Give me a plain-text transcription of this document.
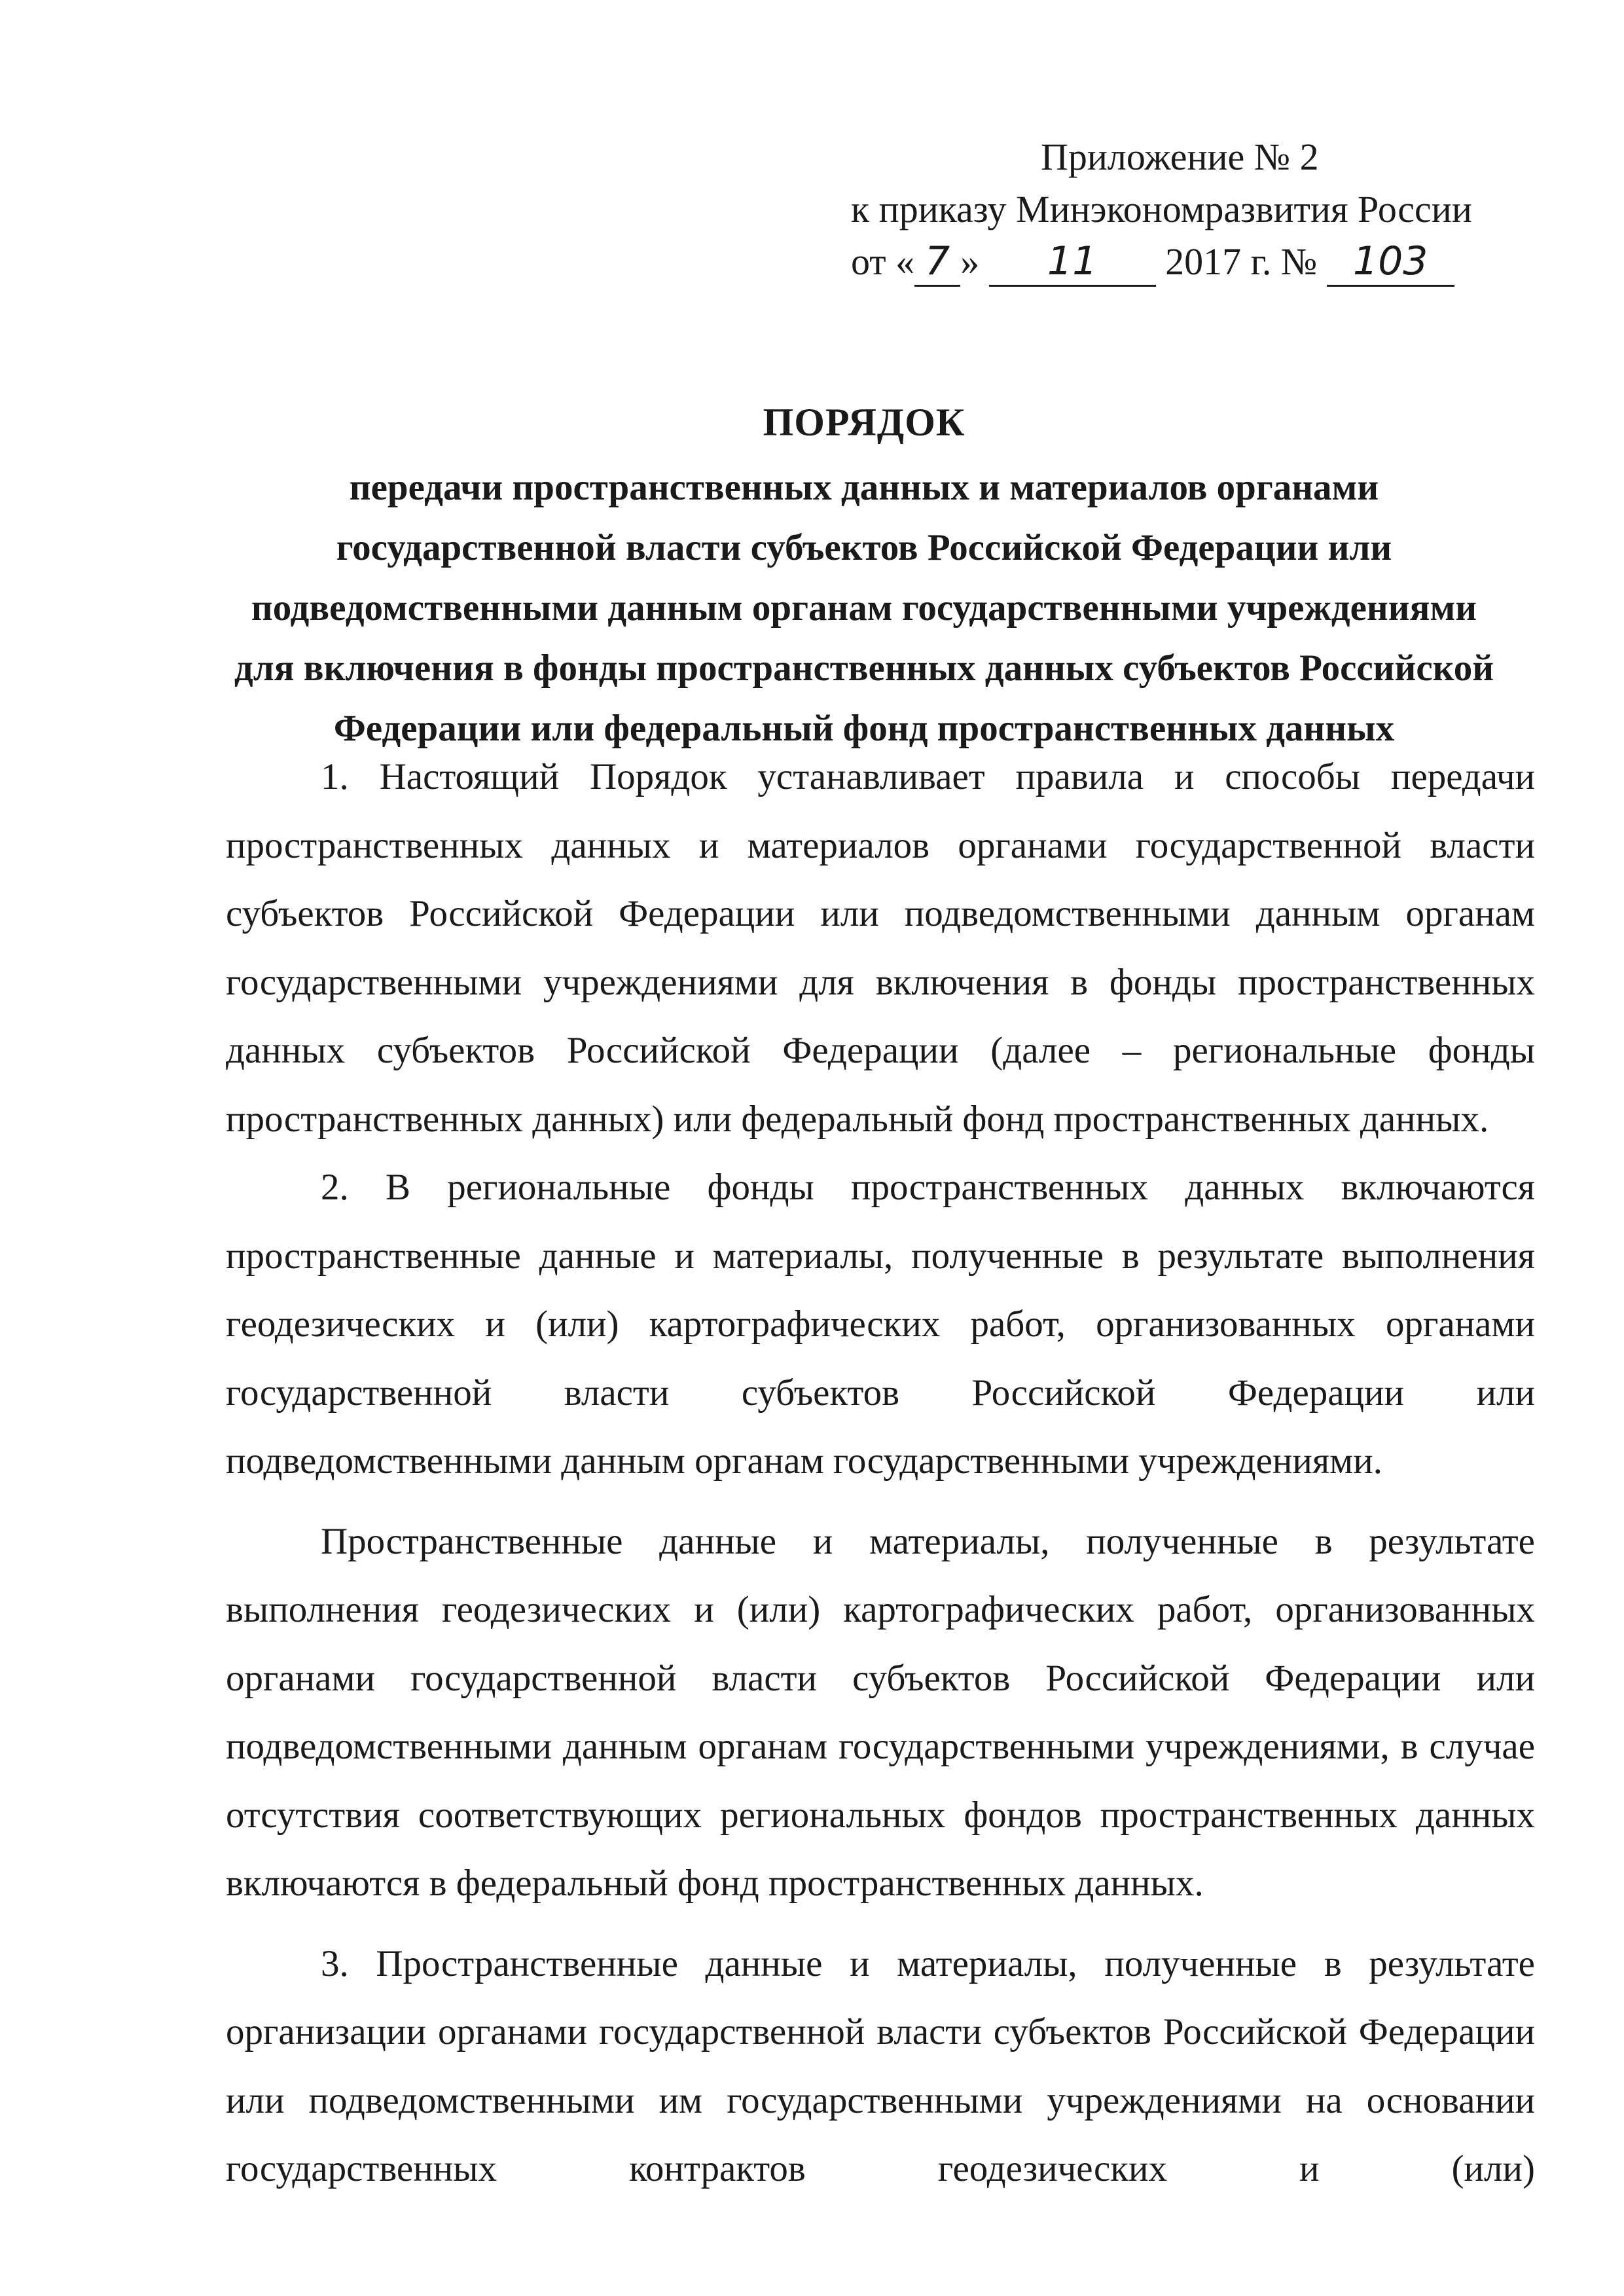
Приложение № 2
к приказу Минэкономразвития России
от « 7 » 11 2017 г. № 103
ПОРЯДОК
передачи пространственных данных и материалов органами
государственной власти субъектов Российской Федерации или
подведомственными данным органам государственными учреждениями
для включения в фонды пространственных данных субъектов Российской
Федерации или федеральный фонд пространственных данных

1. Настоящий Порядок устанавливает правила и способы передачи пространственных данных и материалов органами государственной власти субъектов Российской Федерации или подведомственными данным органам государственными учреждениями для включения в фонды пространственных данных субъектов Российской Федерации (далее – региональные фонды пространственных данных) или федеральный фонд пространственных данных.

2. В региональные фонды пространственных данных включаются пространственные данные и материалы, полученные в результате выполнения геодезических и (или) картографических работ, организованных органами государственной власти субъектов Российской Федерации или подведомственными данным органам государственными учреждениями.

Пространственные данные и материалы, полученные в результате выполнения геодезических и (или) картографических работ, организованных органами государственной власти субъектов Российской Федерации или подведомственными данным органам государственными учреждениями, в случае отсутствия соответствующих региональных фондов пространственных данных включаются в федеральный фонд пространственных данных.

3. Пространственные данные и материалы, полученные в результате организации органами государственной власти субъектов Российской Федерации или подведомственными им государственными учреждениями на основании государственных контрактов геодезических и (или)
